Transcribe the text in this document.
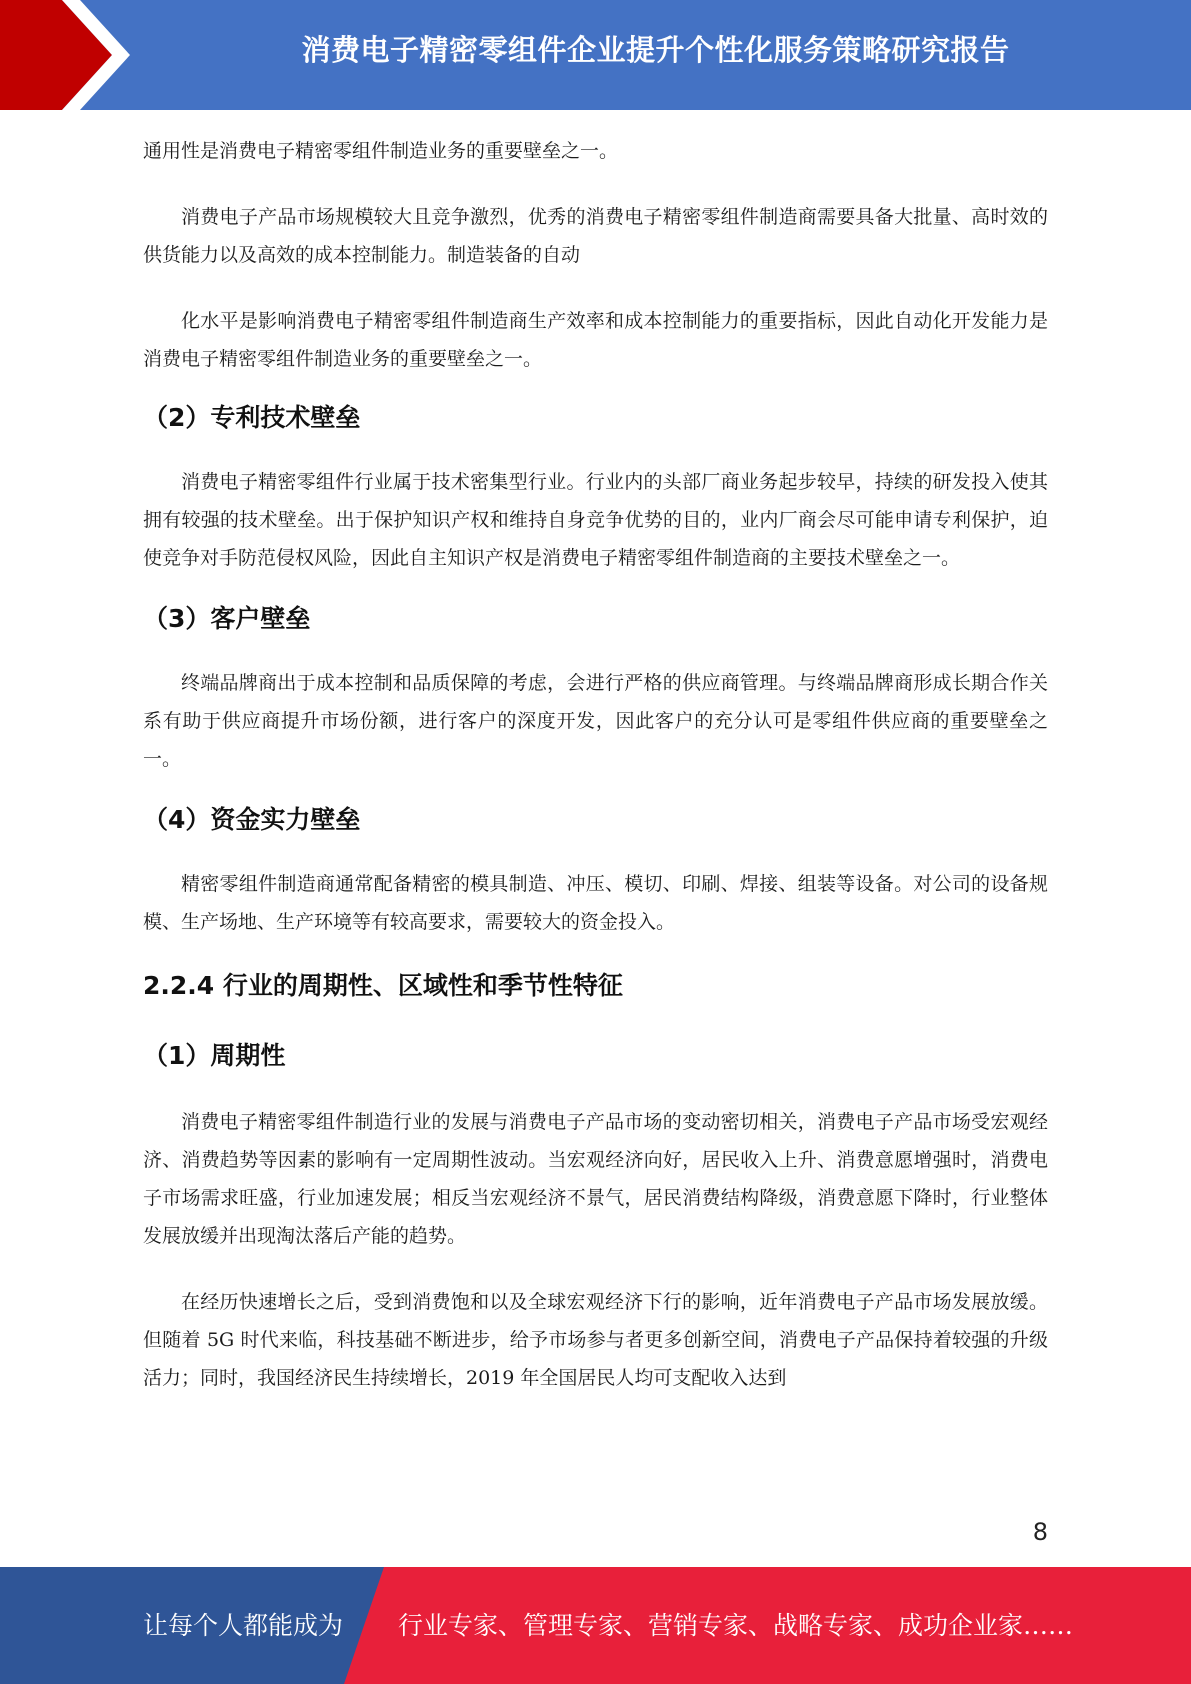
消费电子精密零组件企业提升个性化服务策略研究报告

通用性是消费电子精密零组件制造业务的重要壁垒之一。

消费电子产品市场规模较大且竞争激烈，优秀的消费电子精密零组件制造商需要具备大批量、高时效的供货能力以及高效的成本控制能力。制造装备的自动

化水平是影响消费电子精密零组件制造商生产效率和成本控制能力的重要指标，因此自动化开发能力是消费电子精密零组件制造业务的重要壁垒之一。

（2）专利技术壁垒

消费电子精密零组件行业属于技术密集型行业。行业内的头部厂商业务起步较早，持续的研发投入使其拥有较强的技术壁垒。出于保护知识产权和维持自身竞争优势的目的，业内厂商会尽可能申请专利保护，迫使竞争对手防范侵权风险，因此自主知识产权是消费电子精密零组件制造商的主要技术壁垒之一。

（3）客户壁垒

终端品牌商出于成本控制和品质保障的考虑，会进行严格的供应商管理。与终端品牌商形成长期合作关系有助于供应商提升市场份额，进行客户的深度开发，因此客户的充分认可是零组件供应商的重要壁垒之一。

（4）资金实力壁垒

精密零组件制造商通常配备精密的模具制造、冲压、模切、印刷、焊接、组装等设备。对公司的设备规模、生产场地、生产环境等有较高要求，需要较大的资金投入。

2.2.4 行业的周期性、区域性和季节性特征
（1）周期性

消费电子精密零组件制造行业的发展与消费电子产品市场的变动密切相关，消费电子产品市场受宏观经济、消费趋势等因素的影响有一定周期性波动。当宏观经济向好，居民收入上升、消费意愿增强时，消费电子市场需求旺盛，行业加速发展；相反当宏观经济不景气，居民消费结构降级，消费意愿下降时，行业整体发展放缓并出现淘汰落后产能的趋势。

在经历快速增长之后，受到消费饱和以及全球宏观经济下行的影响，近年消费电子产品市场发展放缓。但随着 5G 时代来临，科技基础不断进步，给予市场参与者更多创新空间，消费电子产品保持着较强的升级活力；同时，我国经济民生持续增长，2019 年全国居民人均可支配收入达到

8
让每个人都能成为 行业专家、管理专家、营销专家、战略专家、成功企业家……
